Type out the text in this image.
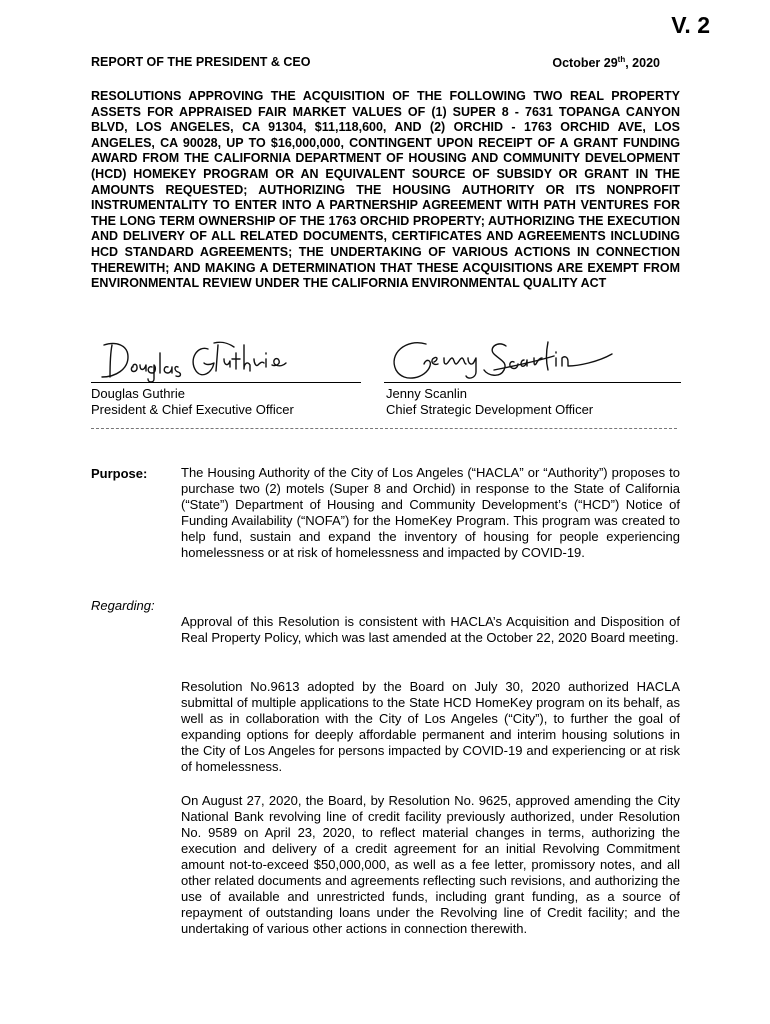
V. 2
REPORT OF THE PRESIDENT & CEO	October 29th, 2020
RESOLUTIONS APPROVING THE ACQUISITION OF THE FOLLOWING TWO REAL PROPERTY ASSETS FOR APPRAISED FAIR MARKET VALUES OF (1) SUPER 8 - 7631 TOPANGA CANYON BLVD, LOS ANGELES, CA 91304, $11,118,600, AND (2) ORCHID - 1763 ORCHID AVE, LOS ANGELES, CA 90028, UP TO $16,000,000, CONTINGENT UPON RECEIPT OF A GRANT FUNDING AWARD FROM THE CALIFORNIA DEPARTMENT OF HOUSING AND COMMUNITY DEVELOPMENT (HCD) HOMEKEY PROGRAM OR AN EQUIVALENT SOURCE OF SUBSIDY OR GRANT IN THE AMOUNTS REQUESTED; AUTHORIZING THE HOUSING AUTHORITY OR ITS NONPROFIT INSTRUMENTALITY TO ENTER INTO A PARTNERSHIP AGREEMENT WITH PATH VENTURES FOR THE LONG TERM OWNERSHIP OF THE 1763 ORCHID PROPERTY; AUTHORIZING THE EXECUTION AND DELIVERY OF ALL RELATED DOCUMENTS, CERTIFICATES AND AGREEMENTS INCLUDING HCD STANDARD AGREEMENTS; THE UNDERTAKING OF VARIOUS ACTIONS IN CONNECTION THEREWITH; AND MAKING A DETERMINATION THAT THESE ACQUISITIONS ARE EXEMPT FROM ENVIRONMENTAL REVIEW UNDER THE CALIFORNIA ENVIRONMENTAL QUALITY ACT
Douglas Guthrie
President & Chief Executive Officer
Jenny Scanlin
Chief Strategic Development Officer
Purpose:	The Housing Authority of the City of Los Angeles (“HACLA” or “Authority”) proposes to purchase two (2) motels (Super 8 and Orchid) in response to the State of California (“State”) Department of Housing and Community Development’s (“HCD”) Notice of Funding Availability (“NOFA”) for the HomeKey Program. This program was created to help fund, sustain and expand the inventory of housing for people experiencing homelessness or at risk of homelessness and impacted by COVID-19.
Regarding:
Approval of this Resolution is consistent with HACLA’s Acquisition and Disposition of Real Property Policy, which was last amended at the October 22, 2020 Board meeting.
Resolution No.9613 adopted by the Board on July 30, 2020 authorized HACLA submittal of multiple applications to the State HCD HomeKey program on its behalf, as well as in collaboration with the City of Los Angeles (“City”), to further the goal of expanding options for deeply affordable permanent and interim housing solutions in the City of Los Angeles for persons impacted by COVID-19 and experiencing or at risk of homelessness.
On August 27, 2020, the Board, by Resolution No. 9625, approved amending the City National Bank revolving line of credit facility previously authorized, under Resolution No. 9589 on April 23, 2020, to reflect material changes in terms, authorizing the execution and delivery of a credit agreement for an initial Revolving Commitment amount not-to-exceed $50,000,000, as well as a fee letter, promissory notes, and all other related documents and agreements reflecting such revisions, and authorizing the use of available and unrestricted funds, including grant funding, as a source of repayment of outstanding loans under the Revolving line of Credit facility; and the undertaking of various other actions in connection therewith.
